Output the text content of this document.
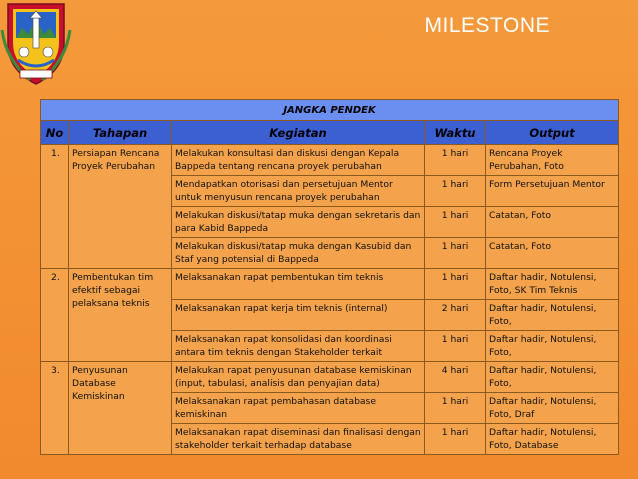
MILESTONE
JANGKA PENDEK				
No	Tahapan	Kegiatan	Waktu	Output
1.	Persiapan Rencana Proyek Perubahan	Melakukan konsultasi dan diskusi dengan Kepala Bappeda tentang rencana proyek perubahan	1 hari	Rencana Proyek Perubahan, Foto
		Mendapatkan otorisasi dan persetujuan Mentor untuk menyusun rencana proyek perubahan	1 hari	Form Persetujuan Mentor
		Melakukan diskusi/tatap muka dengan sekretaris dan para Kabid Bappeda	1 hari	Catatan, Foto
		Melakukan diskusi/tatap muka dengan Kasubid dan Staf yang potensial di Bappeda	1 hari	Catatan, Foto
2.	Pembentukan tim efektif sebagai pelaksana teknis	Melaksanakan rapat pembentukan tim teknis	1 hari	Daftar hadir, Notulensi, Foto, SK Tim Teknis
		Melaksanakan rapat kerja tim teknis (internal)	2 hari	Daftar hadir, Notulensi, Foto,
		Melaksanakan rapat konsolidasi dan koordinasi antara tim teknis dengan Stakeholder terkait	1 hari	Daftar hadir, Notulensi, Foto,
3.	Penyusunan Database Kemiskinan	Melakukan rapat penyusunan database kemiskinan (input, tabulasi, analisis dan penyajian data)	4 hari	Daftar hadir, Notulensi, Foto,
		Melaksanakan rapat pembahasan database kemiskinan	1 hari	Daftar hadir, Notulensi, Foto, Draf
		Melaksanakan rapat diseminasi dan finalisasi dengan stakeholder terkait terhadap database	1 hari	Daftar hadir, Notulensi, Foto, Database
